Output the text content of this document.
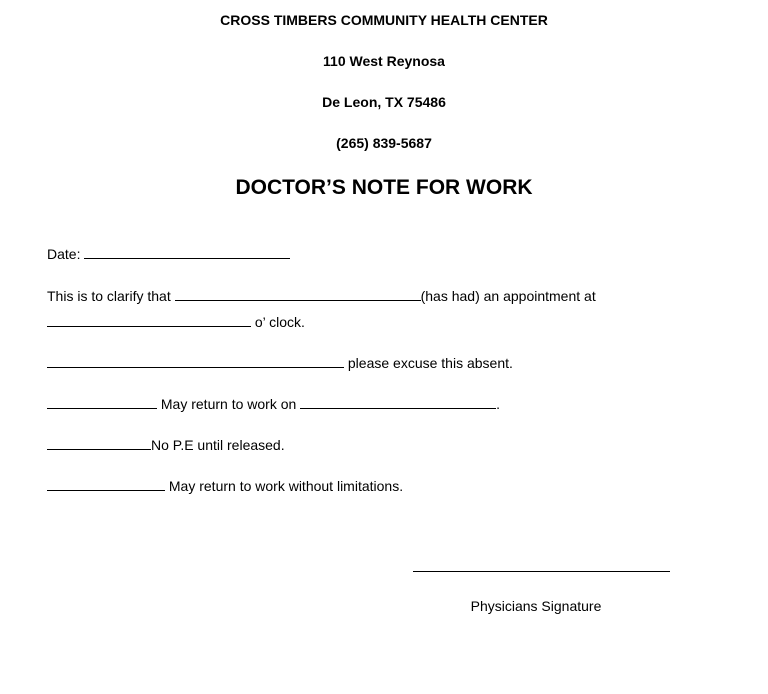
CROSS TIMBERS COMMUNITY HEALTH CENTER
110 West Reynosa
De Leon, TX 75486
(265) 839-5687
DOCTOR’S NOTE FOR WORK
Date:
This is to clarify that	(has had) an appointment at
o’ clock.
please excuse this absent.
May return to work on	.
No P.E until released.
May return to work without limitations.
Physicians Signature
